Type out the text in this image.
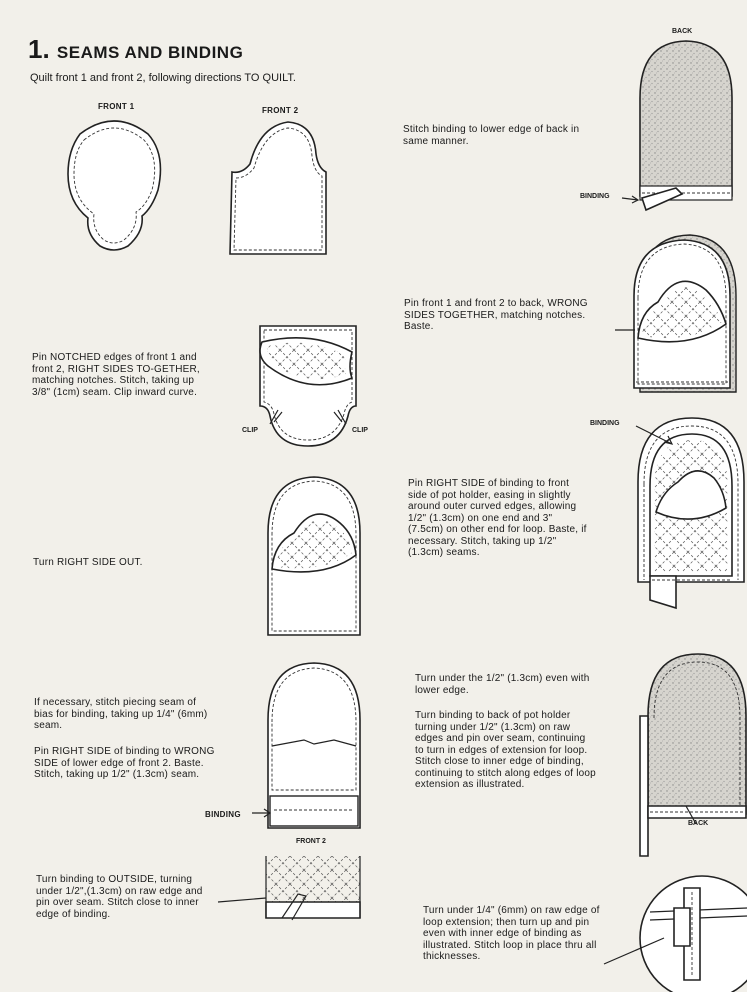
1. SEAMS AND BINDING
Quilt front 1 and front 2, following directions TO QUILT.
FRONT 1	FRONT 2
CLIP	CLIP
BINDING
FRONT 2
Pin NOTCHED edges of front 1 and front 2, RIGHT SIDES TO-GETHER, matching notches. Stitch, taking up 3/8" (1cm) seam. Clip inward curve.
Turn RIGHT SIDE OUT.
If necessary, stitch piecing seam of bias for binding, taking up 1/4" (6mm) seam.
Pin RIGHT SIDE of binding to WRONG SIDE of lower edge of front 2. Baste. Stitch, taking up 1/2" (1.3cm) seam.
Turn binding to OUTSIDE, turning under 1/2",(1.3cm) on raw edge and pin over seam. Stitch close to inner edge of binding.
Stitch binding to lower edge of back in same manner.
Pin front 1 and front 2 to back, WRONG SIDES TOGETHER, matching notches. Baste.
Pin RIGHT SIDE of binding to front side of pot holder, easing in slightly around outer curved edges, allowing 1/2" (1.3cm) on one end and 3" (7.5cm) on other end for loop. Baste, if necessary. Stitch, taking up 1/2" (1.3cm) seams.
Turn under the 1/2" (1.3cm) even with lower edge.
Turn binding to back of pot holder turning under 1/2" (1.3cm) on raw edges and pin over seam, continuing to turn in edges of extension for loop. Stitch close to inner edge of binding, continuing to stitch along edges of loop extension as illustrated.
Turn under 1/4" (6mm) on raw edge of loop extension; then turn up and pin even with inner edge of binding as illustrated. Stitch loop in place thru all thicknesses.
BACK
BINDING
BINDING
BACK
